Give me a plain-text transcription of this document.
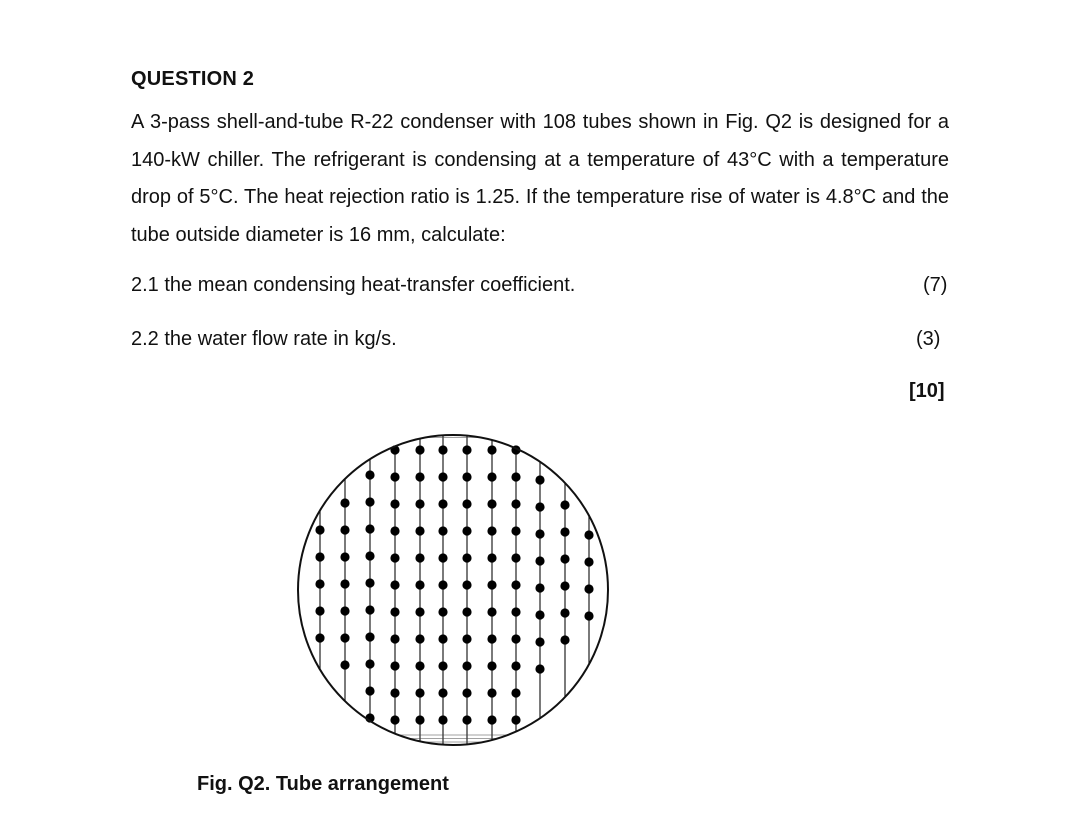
QUESTION 2
A 3-pass shell-and-tube R-22 condenser with 108 tubes shown in Fig. Q2 is designed for a 140-kW chiller. The refrigerant is condensing at a temperature of 43°C with a temperature drop of 5°C. The heat rejection ratio is 1.25. If the temperature rise of water is 4.8°C and the tube outside diameter is 16 mm, calculate:
2.1 the mean condensing heat-transfer coefficient.	(7)
2.2 the water flow rate in kg/s.	(3)
[10]
Fig. Q2. Tube arrangement
